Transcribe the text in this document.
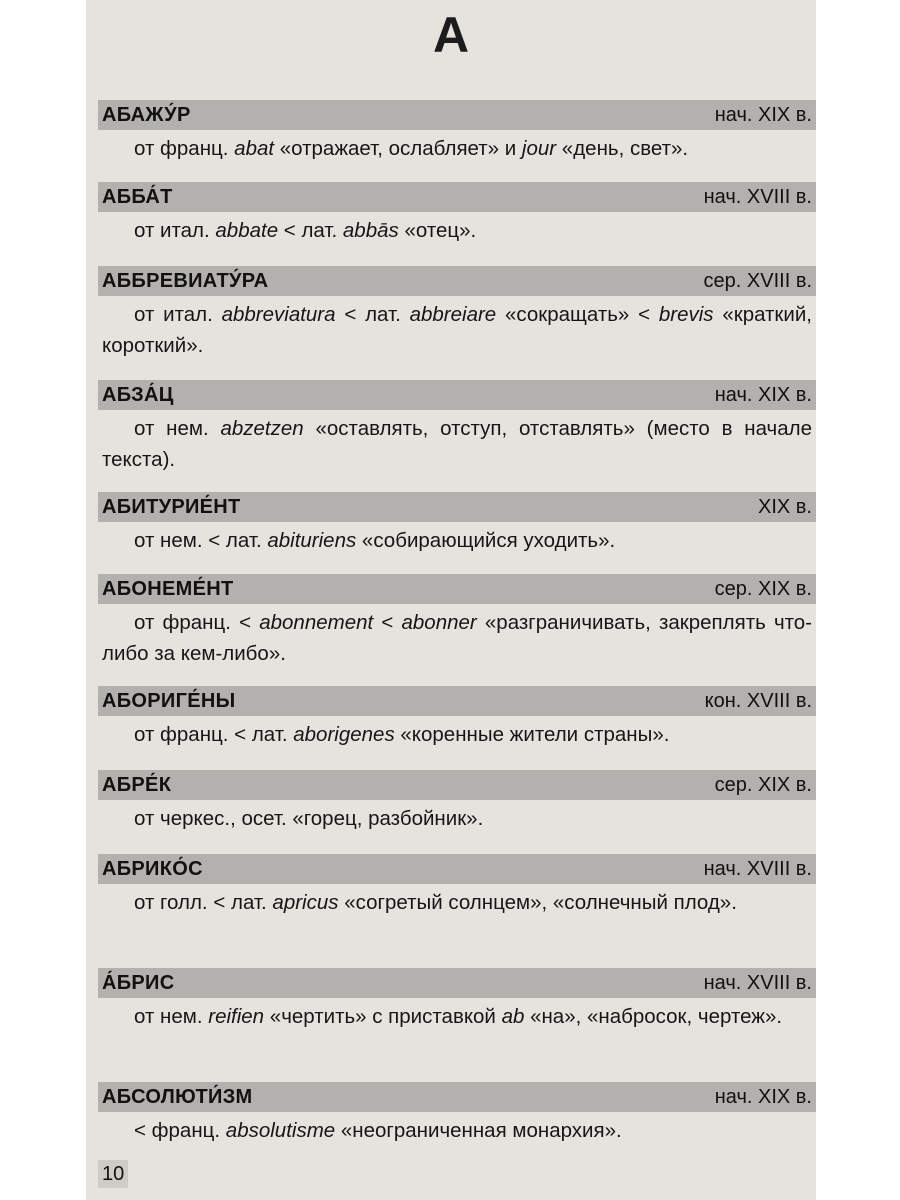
А
АБАЖУ́Р	нач. XIX в.
от франц. abat «отражает, ослабляет» и jour «день, свет».
АББА́Т	нач. XVIII в.
от итал. abbate < лат. abbās «отец».
АББРЕВИАТУ́РА	сер. XVIII в.
от итал. abbreviatura < лат. abbreiare «сокращать» < brevis «краткий, короткий».
АБЗА́Ц	нач. XIX в.
от нем. abzetzen «оставлять, отступ, отставлять» (место в начале текста).
АБИТУРИЕ́НТ	XIX в.
от нем. < лат. abituriens «собирающийся уходить».
АБОНЕМЕ́НТ	сер. XIX в.
от франц. < abonnement < abonner «разграничивать, закреплять что-либо за кем-либо».
АБОРИГЕ́НЫ	кон. XVIII в.
от франц. < лат. aborigenes «коренные жители страны».
АБРЕ́К	сер. XIX в.
от черкес., осет. «горец, разбойник».
АБРИКО́С	нач. XVIII в.
от голл. < лат. apricus «согретый солнцем», «солнечный плод».
А́БРИС	нач. XVIII в.
от нем. reifien «чертить» с приставкой ab «на», «набросок, чертеж».
АБСОЛЮТИ́ЗМ	нач. XIX в.
< франц. absolutisme «неограниченная монархия».
10
